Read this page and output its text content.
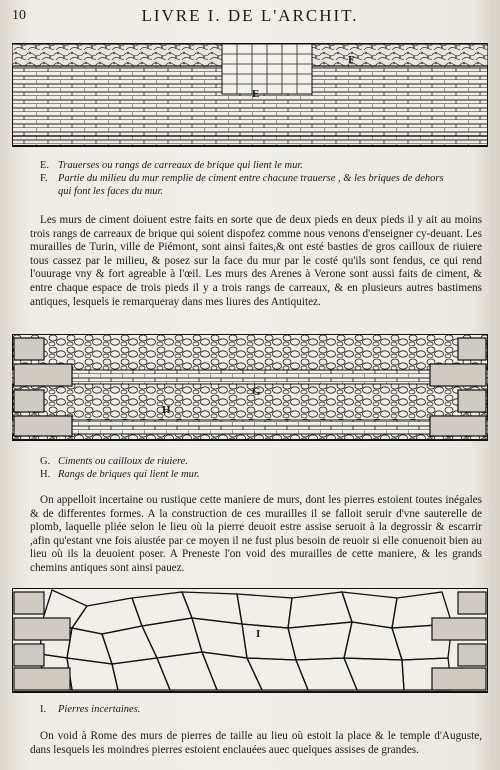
10	LIVRE I. DE L'ARCHIT.
E
F
E. Trauerses ou rangs de carreaux de brique qui lient le mur.
F. Partie du milieu du mur remplie de ciment entre chacune trauerse , & les briques de dehors
qui font les faces du mur.
Les murs de ciment doiuent estre faits en sorte que de deux pieds en deux pieds il y ait au moins trois rangs de carreaux de brique qui soient dispofez comme nous venons d'enseigner cy-deuant. Les murailles de Turin, ville de Piémont, sont ainsi faites,& ont esté basties de gros cailloux de riuiere tous cassez par le milieu, & posez sur la face du mur par le costé qu'ils sont fendus, ce qui rend l'ouurage vny & fort agreable à l'œil. Les murs des Arenes à Verone sont aussi faits de ciment, & entre chaque espace de trois pieds il y a trois rangs de carreaux, & en plusieurs autres bastimens antiques, lesquels ie remarqueray dans mes liures des Antiquitez.
G
H
G. Ciments ou cailloux de riuiere.
H. Rangs de briques qui lient le mur.
On appelloit incertaine ou rustique cette maniere de murs, dont les pierres estoient toutes inégales & de differentes formes. A la construction de ces murailles il se falloit seruir d'vne sauterelle de plomb, laquelle pliée selon le lieu où la pierre deuoit estre assise seruoit à la degrossir & escarrir ,afin qu'estant vne fois aiustée par ce moyen il ne fust plus besoin de reuoir si elle conuenoit bien au lieu où ils la deuoient poser. A Preneste l'on void des murailles de cette maniere, & les grands chemins antiques sont ainsi pauez.
I
I. Pierres incertaines.
On void à Rome des murs de pierres de taille au lieu où estoit la place & le temple d'Auguste, dans lesquels les moindres pierres estoient enclauées auec quelques assises de grandes.
